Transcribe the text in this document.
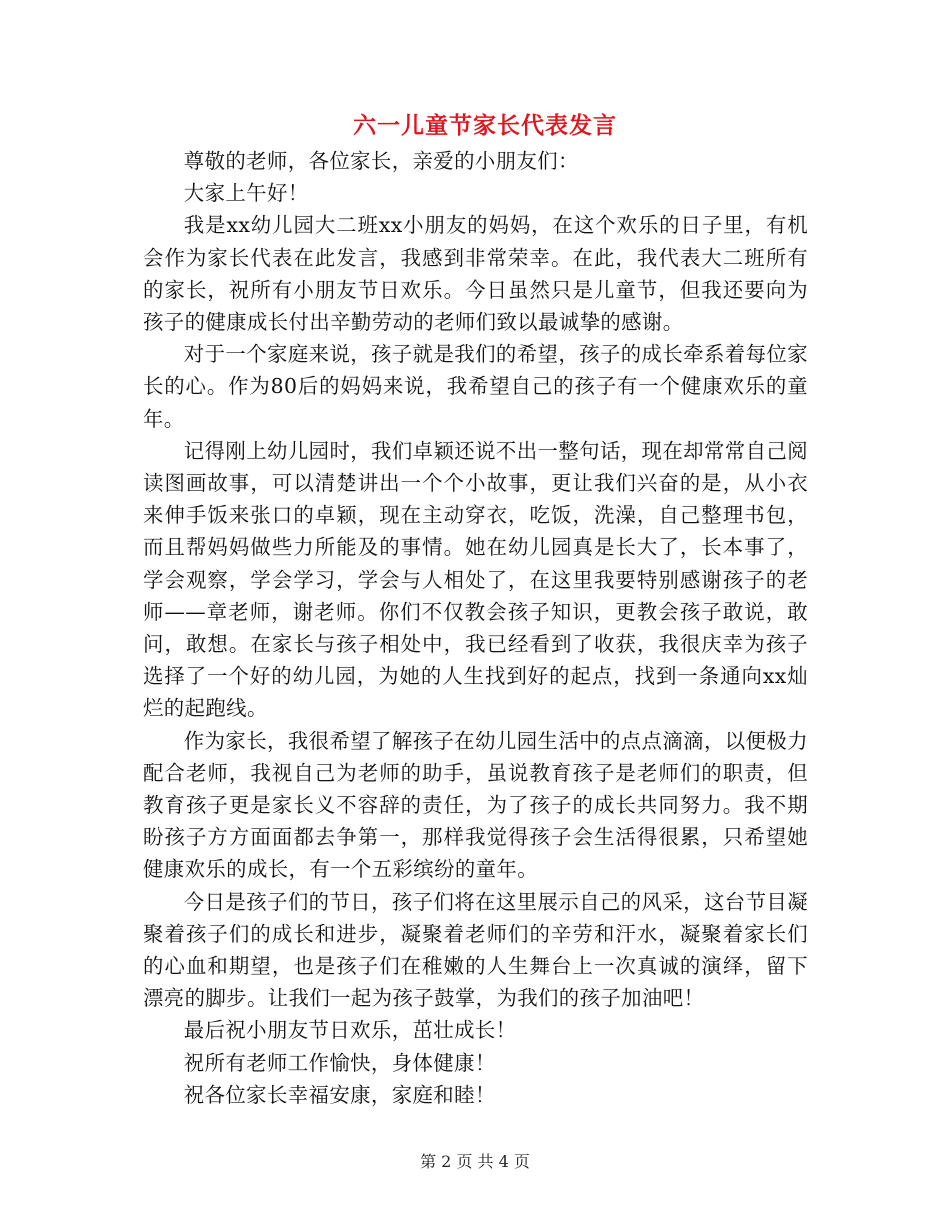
六一儿童节家长代表发言

尊敬的老师，各位家长，亲爱的小朋友们：

大家上午好！

我是xx幼儿园大二班xx小朋友的妈妈，在这个欢乐的日子里，有机会作为家长代表在此发言，我感到非常荣幸。在此，我代表大二班所有的家长，祝所有小朋友节日欢乐。今日虽然只是儿童节，但我还要向为孩子的健康成长付出辛勤劳动的老师们致以最诚挚的感谢。

对于一个家庭来说，孩子就是我们的希望，孩子的成长牵系着每位家长的心。作为80后的妈妈来说，我希望自己的孩子有一个健康欢乐的童年。

记得刚上幼儿园时，我们卓颖还说不出一整句话，现在却常常自己阅读图画故事，可以清楚讲出一个个小故事，更让我们兴奋的是，从小衣来伸手饭来张口的卓颖，现在主动穿衣，吃饭，洗澡，自己整理书包，而且帮妈妈做些力所能及的事情。她在幼儿园真是长大了，长本事了，学会观察，学会学习，学会与人相处了，在这里我要特别感谢孩子的老师——章老师，谢老师。你们不仅教会孩子知识，更教会孩子敢说，敢问，敢想。在家长与孩子相处中，我已经看到了收获，我很庆幸为孩子选择了一个好的幼儿园，为她的人生找到好的起点，找到一条通向xx灿烂的起跑线。

作为家长，我很希望了解孩子在幼儿园生活中的点点滴滴，以便极力配合老师，我视自己为老师的助手，虽说教育孩子是老师们的职责，但教育孩子更是家长义不容辞的责任，为了孩子的成长共同努力。我不期盼孩子方方面面都去争第一，那样我觉得孩子会生活得很累，只希望她健康欢乐的成长，有一个五彩缤纷的童年。

今日是孩子们的节日，孩子们将在这里展示自己的风采，这台节目凝聚着孩子们的成长和进步，凝聚着老师们的辛劳和汗水，凝聚着家长们的心血和期望，也是孩子们在稚嫩的人生舞台上一次真诚的演绎，留下漂亮的脚步。让我们一起为孩子鼓掌，为我们的孩子加油吧！

最后祝小朋友节日欢乐，茁壮成长！

祝所有老师工作愉快，身体健康！

祝各位家长幸福安康，家庭和睦！

第 2 页 共 4 页
